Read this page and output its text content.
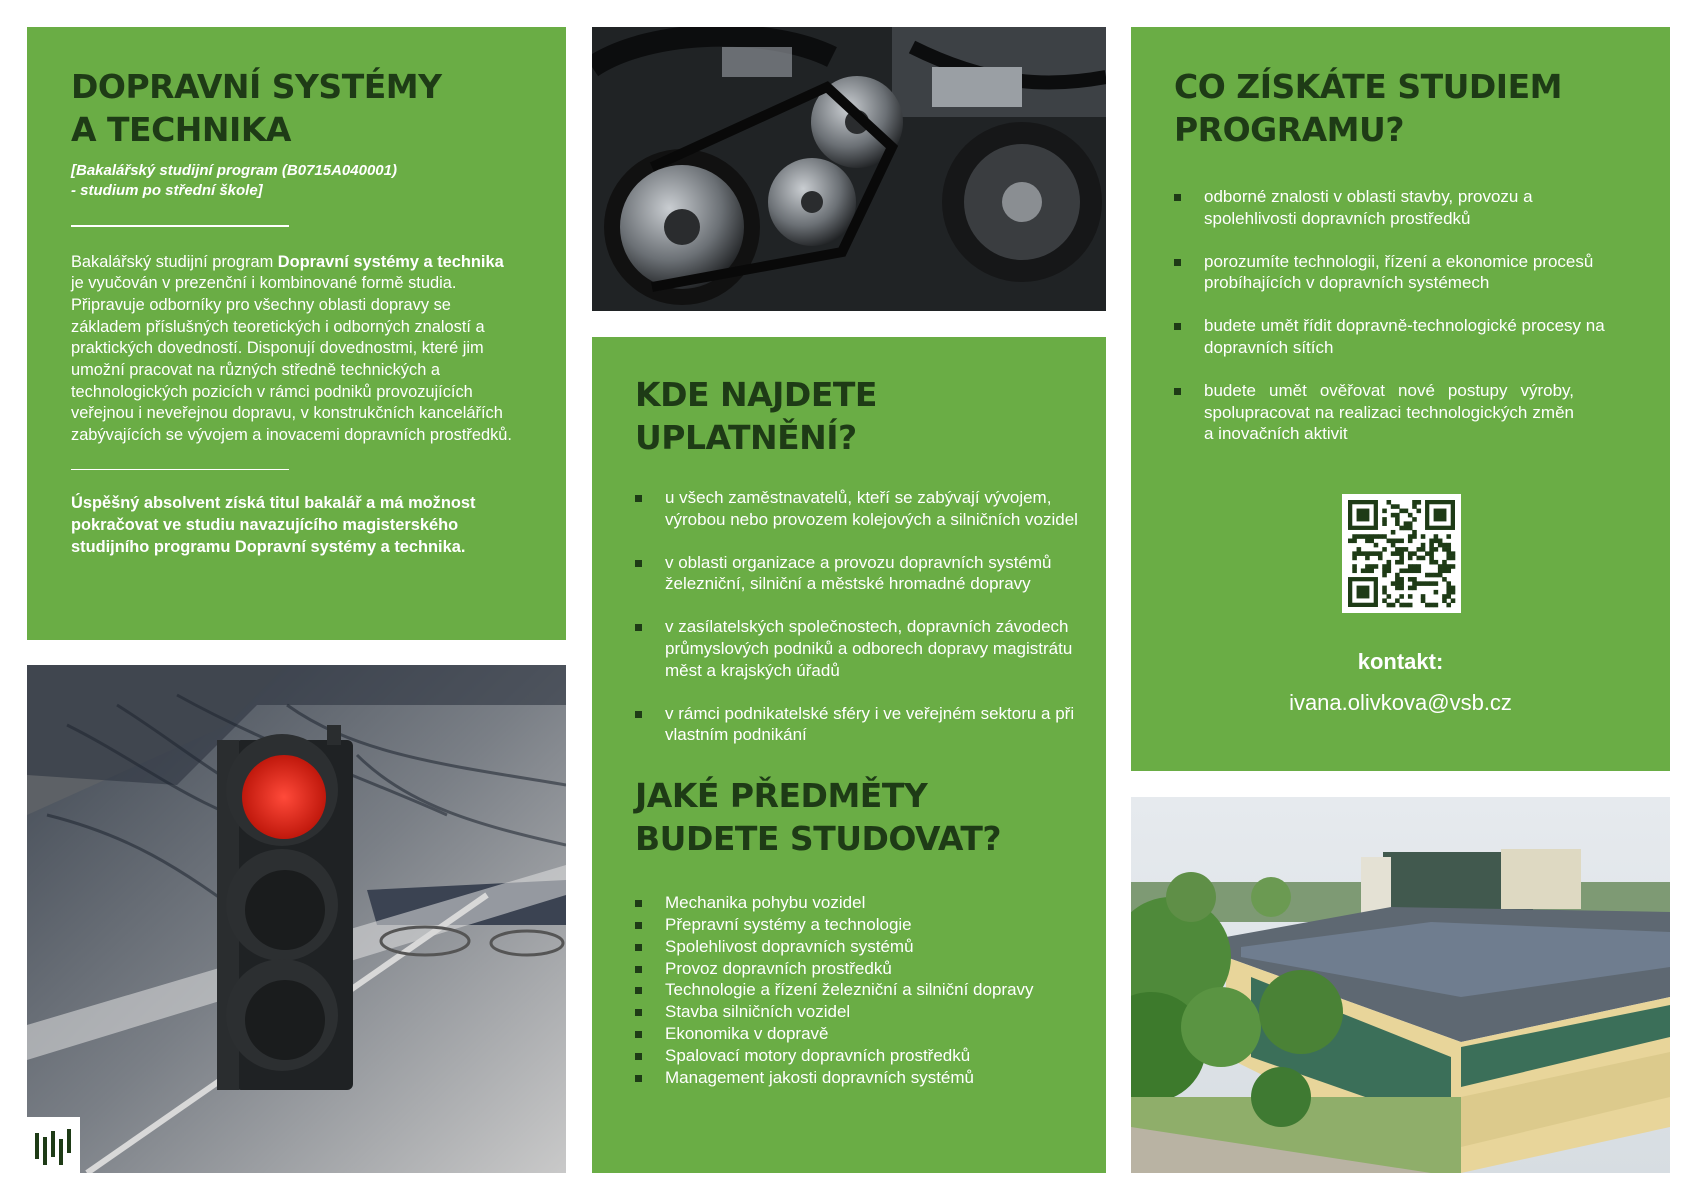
DOPRAVNÍ SYSTÉMY
A TECHNIKA
[Bakalářský studijní program (B0715A040001)
- studium po střední škole]

Bakalářský studijní program Dopravní systémy a technika je vyučován v prezenční i kombinované formě studia. Připravuje odborníky pro všechny oblasti dopravy se základem příslušných teoretických i odborných znalostí a praktických dovedností. Disponují dovednostmi, které jim umožní pracovat na různých středně technických a technologických pozicích v rámci podniků provozujících veřejnou i neveřejnou dopravu, v konstrukčních kancelářích zabývajících se vývojem a inovacemi dopravních prostředků.

Úspěšný absolvent získá titul bakalář a má možnost pokračovat ve studiu navazujícího magisterského studijního programu Dopravní systémy a technika.

KDE NAJDETE
UPLATNĚNÍ?
u všech zaměstnavatelů, kteří se zabývají vývojem, výrobou nebo provozem kolejových a silničních vozidel
v oblasti organizace a provozu dopravních systémů železniční, silniční a městské hromadné dopravy
v zasílatelských společnostech, dopravních závodech průmyslových podniků a odborech dopravy magistrátu měst a krajských úřadů
v rámci podnikatelské sféry i ve veřejném sektoru a při vlastním podnikání
JAKÉ PŘEDMĚTY
BUDETE STUDOVAT?
Mechanika pohybu vozidel
Přepravní systémy a technologie
Spolehlivost dopravních systémů
Provoz dopravních prostředků
Technologie a řízení železniční a silniční dopravy
Stavba silničních vozidel
Ekonomika v dopravě
Spalovací motory dopravních prostředků
Management jakosti dopravních systémů
CO ZÍSKÁTE STUDIEM
PROGRAMU?
odborné znalosti v oblasti stavby, provozu a spolehlivosti dopravních prostředků
porozumíte technologii, řízení a ekonomice procesů probíhajících v dopravních systémech
budete umět řídit dopravně-technologické procesy na dopravních sítích
budete umět ověřovat nové postupy výroby, spolupracovat na realizaci technologických změn a inovačních aktivit
kontakt:
ivana.olivkova@vsb.cz
